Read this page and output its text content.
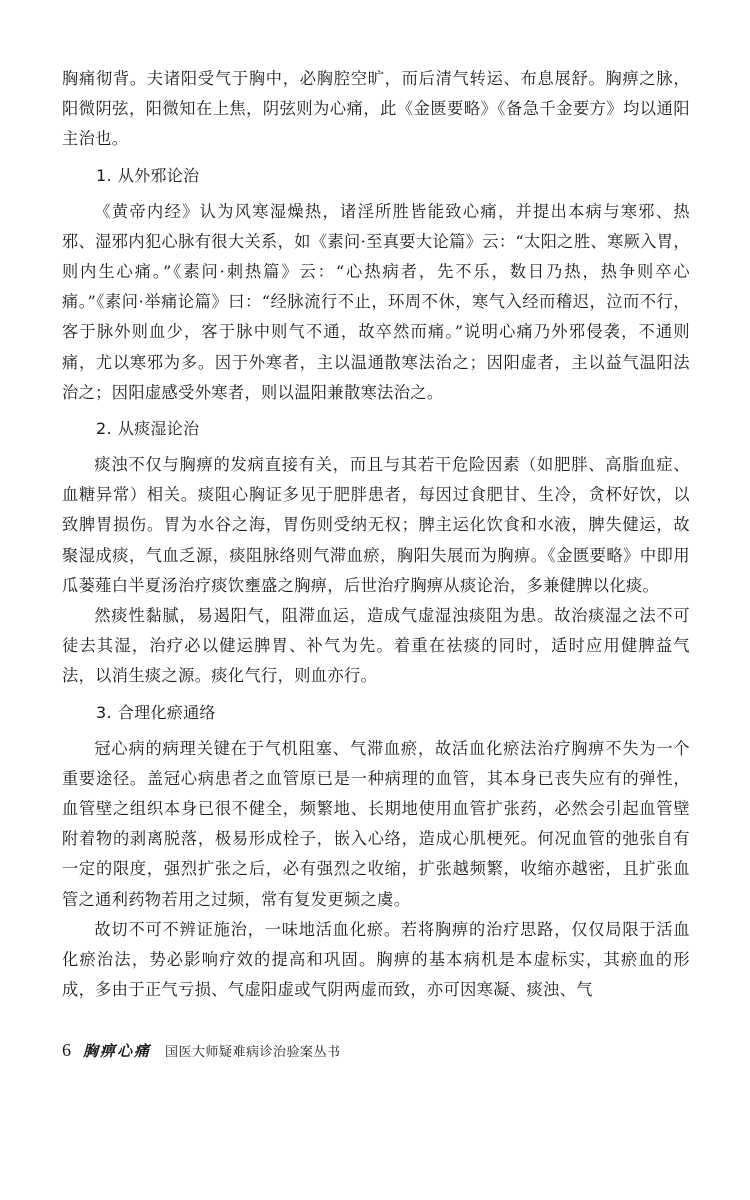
胸痛彻背。夫诸阳受气于胸中，必胸腔空旷，而后清气转运、布息展舒。胸痹之脉，阳微阴弦，阳微知在上焦，阴弦则为心痛，此《金匮要略》《备急千金要方》均以通阳主治也。

1. 从外邪论治

《黄帝内经》认为风寒湿燥热，诸淫所胜皆能致心痛，并提出本病与寒邪、热邪、湿邪内犯心脉有很大关系，如《素问·至真要大论篇》云：“太阳之胜、寒厥入胃，则内生心痛。”《素问·刺热篇》云：“心热病者，先不乐，数日乃热，热争则卒心痛。”《素问·举痛论篇》曰：“经脉流行不止，环周不休，寒气入经而稽迟，泣而不行，客于脉外则血少，客于脉中则气不通，故卒然而痛。”说明心痛乃外邪侵袭，不通则痛，尤以寒邪为多。因于外寒者，主以温通散寒法治之；因阳虚者，主以益气温阳法治之；因阳虚感受外寒者，则以温阳兼散寒法治之。

2. 从痰湿论治

痰浊不仅与胸痹的发病直接有关，而且与其若干危险因素（如肥胖、高脂血症、血糖异常）相关。痰阻心胸证多见于肥胖患者，每因过食肥甘、生冷，贪杯好饮，以致脾胃损伤。胃为水谷之海，胃伤则受纳无权；脾主运化饮食和水液，脾失健运，故聚湿成痰，气血乏源，痰阻脉络则气滞血瘀，胸阳失展而为胸痹。《金匮要略》中即用瓜蒌薤白半夏汤治疗痰饮壅盛之胸痹，后世治疗胸痹从痰论治，多兼健脾以化痰。

然痰性黏腻，易遏阳气，阻滞血运，造成气虚湿浊痰阻为患。故治痰湿之法不可徒去其湿，治疗必以健运脾胃、补气为先。着重在祛痰的同时，适时应用健脾益气法，以消生痰之源。痰化气行，则血亦行。

3. 合理化瘀通络

冠心病的病理关键在于气机阻塞、气滞血瘀，故活血化瘀法治疗胸痹不失为一个重要途径。盖冠心病患者之血管原已是一种病理的血管，其本身已丧失应有的弹性，血管壁之组织本身已很不健全，频繁地、长期地使用血管扩张药，必然会引起血管壁附着物的剥离脱落，极易形成栓子，嵌入心络，造成心肌梗死。何况血管的弛张自有一定的限度，强烈扩张之后，必有强烈之收缩，扩张越频繁，收缩亦越密，且扩张血管之通利药物若用之过频，常有复发更频之虞。

故切不可不辨证施治，一味地活血化瘀。若将胸痹的治疗思路，仅仅局限于活血化瘀治法，势必影响疗效的提高和巩固。胸痹的基本病机是本虚标实，其瘀血的形成，多由于正气亏损、气虚阳虚或气阴两虚而致，亦可因寒凝、痰浊、气

6 胸痹心痛 国医大师疑难病诊治验案丛书
